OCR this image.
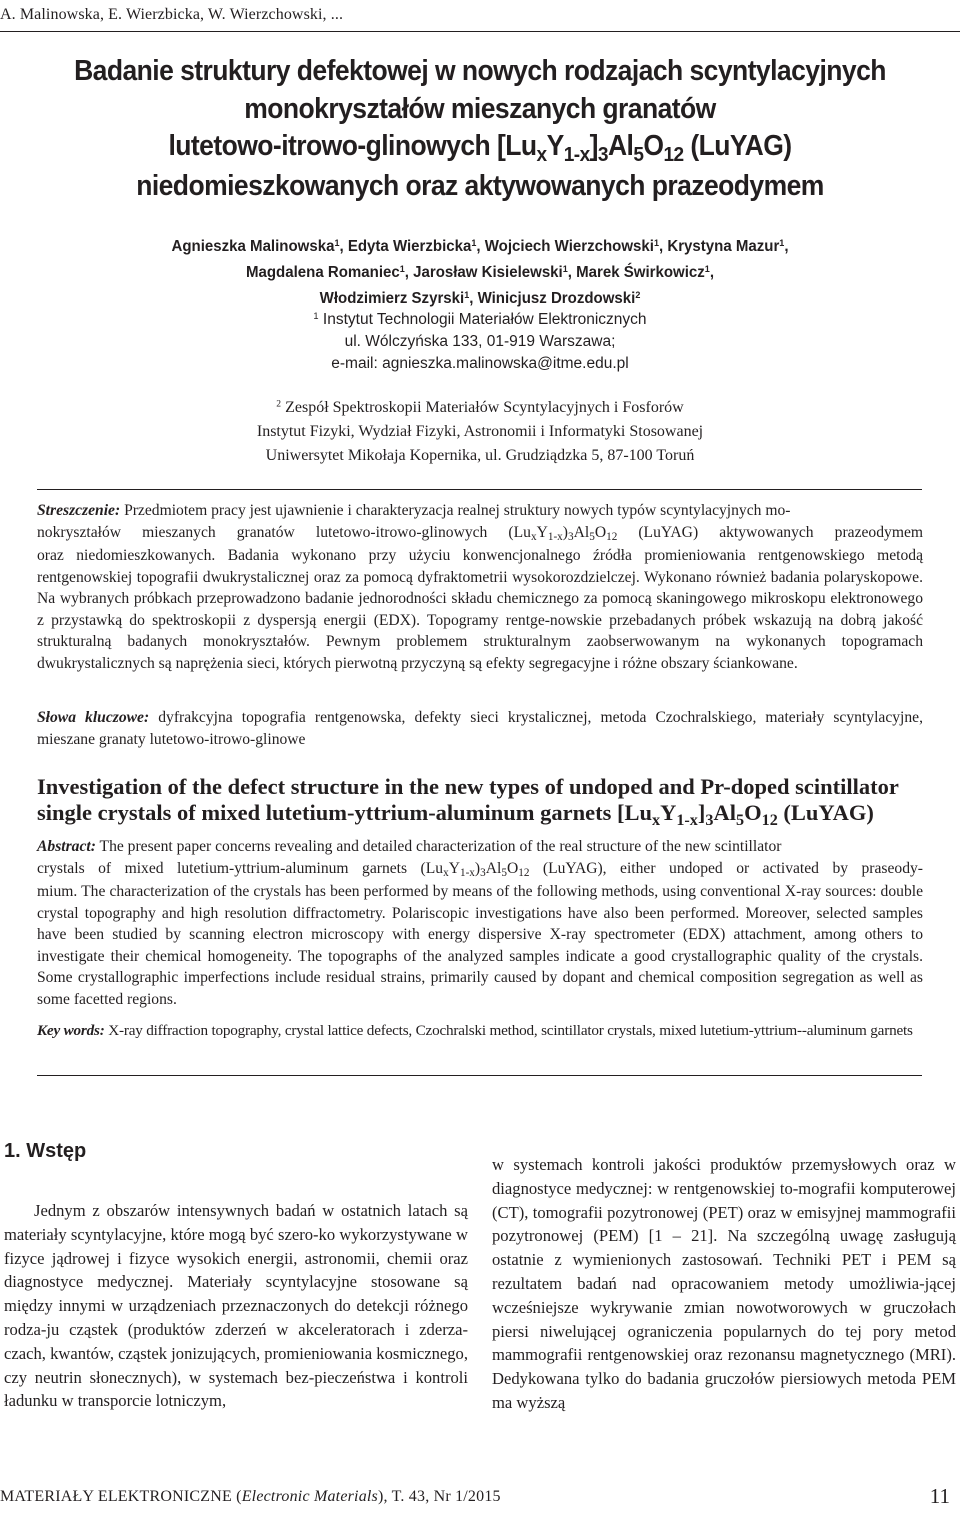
A. Malinowska, E. Wierzbicka, W. Wierzchowski, ...
Badanie struktury defektowej w nowych rodzajach scyntylacyjnych
monokryształów mieszanych granatów
lutetowo-itrowo-glinowych $[Lu_xY_{1-x}]_3Al_5O_{12}$ (LuYAG)
niedomieszkowanych oraz aktywowanych prazeodymem
Agnieszka Malinowska$^1$, Edyta Wierzbicka$^1$, Wojciech Wierzchowski$^1$, Krystyna Mazur$^1$,
Magdalena Romaniec$^1$, Jarosław Kisielewski$^1$, Marek Świrkowicz$^1$,
Włodzimierz Szyrski$^1$, Winicjusz Drozdowski$^2$
$^1$ Instytut Technologii Materiałów Elektronicznych
ul. Wólczyńska 133, 01-919 Warszawa;
e-mail: agnieszka.malinowska@itme.edu.pl
$^2$ Zespół Spektroskopii Materiałów Scyntylacyjnych i Fosforów
Instytut Fizyki, Wydział Fizyki, Astronomii i Informatyki Stosowanej
Uniwersytet Mikołaja Kopernika, ul. Grudziądzka 5, 87-100 Toruń
Streszczenie: Przedmiotem pracy jest ujawnienie i charakteryzacja realnej struktury nowych typów scyntylacyjnych mo-
nokryształów mieszanych granatów lutetowo-itrowo-glinowych $(Lu_xY_{1-x})_3Al_5O_{12}$ (LuYAG) aktywowanych prazeodymem
oraz niedomieszkowanych. Badania wykonano przy użyciu konwencjonalnego źródła promieniowania rentgenowskiego metodą rentgenowskiej topografii dwukrystalicznej oraz za pomocą dyfraktometrii wysokorozdzielczej. Wykonano również badania polaryskopowe. Na wybranych próbkach przeprowadzono badanie jednorodności składu chemicznego za pomocą skaningowego mikroskopu elektronowego z przystawką do spektroskopii z dyspersją energii (EDX). Topogramy rentge-nowskie przebadanych próbek wskazują na dobrą jakość strukturalną badanych monokryształów. Pewnym problemem strukturalnym zaobserwowanym na wykonanych topogramach dwukrystalicznych są naprężenia sieci, których pierwotną przyczyną są efekty segregacyjne i różne obszary ściankowane.
Słowa kluczowe: dyfrakcyjna topografia rentgenowska, defekty sieci krystalicznej, metoda Czochralskiego, materiały scyntylacyjne, mieszane granaty lutetowo-itrowo-glinowe
Investigation of the defect structure in the new types of undoped and Pr-doped scintillator
single crystals of mixed lutetium-yttrium-aluminum garnets $[Lu_xY_{1-x}]_3Al_5O_{12}$ (LuYAG)
Abstract: The present paper concerns revealing and detailed characterization of the real structure of the new scintillator
crystals of mixed lutetium-yttrium-aluminum garnets $(Lu_xY_{1-x})_3Al_5O_{12}$ (LuYAG), either undoped or activated by praseody-
mium. The characterization of the crystals has been performed by means of the following methods, using conventional X-ray sources: double crystal topography and high resolution diffractometry. Polariscopic investigations have also been performed. Moreover, selected samples have been studied by scanning electron microscopy with energy dispersive X-ray spectrometer (EDX) attachment, among others to investigate their chemical homogeneity. The topographs of the analyzed samples indicate a good crystallographic quality of the crystals. Some crystallographic imperfections include residual strains, primarily caused by dopant and chemical composition segregation as well as some facetted regions.
Key words: X-ray diffraction topography, crystal lattice defects, Czochralski method, scintillator crystals, mixed lutetium-yttrium--aluminum garnets
1. Wstęp
Jednym z obszarów intensywnych badań w ostatnich latach są materiały scyntylacyjne, które mogą być szero-ko wykorzystywane w fizyce jądrowej i fizyce wysokich energii, astronomii, chemii oraz diagnostyce medycznej. Materiały scyntylacyjne stosowane są między innymi w urządzeniach przeznaczonych do detekcji różnego rodza-ju cząstek (produktów zderzeń w akceleratorach i zderza-czach, kwantów, cząstek jonizujących, promieniowania kosmicznego, czy neutrin słonecznych), w systemach bez-pieczeństwa i kontroli ładunku w transporcie lotniczym,
w systemach kontroli jakości produktów przemysłowych oraz w diagnostyce medycznej: w rentgenowskiej to-mografii komputerowej (CT), tomografii pozytronowej (PET) oraz w emisyjnej mammografii pozytronowej (PEM) [1 – 21]. Na szczególną uwagę zasługują ostatnie z wymienionych zastosowań. Techniki PET i PEM są rezultatem badań nad opracowaniem metody umożliwia-jącej wcześniejsze wykrywanie zmian nowotworowych w gruczołach piersi niwelującej ograniczenia popularnych do tej pory metod mammografii rentgenowskiej oraz rezonansu magnetycznego (MRI). Dedykowana tylko do badania gruczołów piersiowych metoda PEM ma wyższą
MATERIAŁY ELEKTRONICZNE (Electronic Materials), T. 43, Nr 1/2015	11
